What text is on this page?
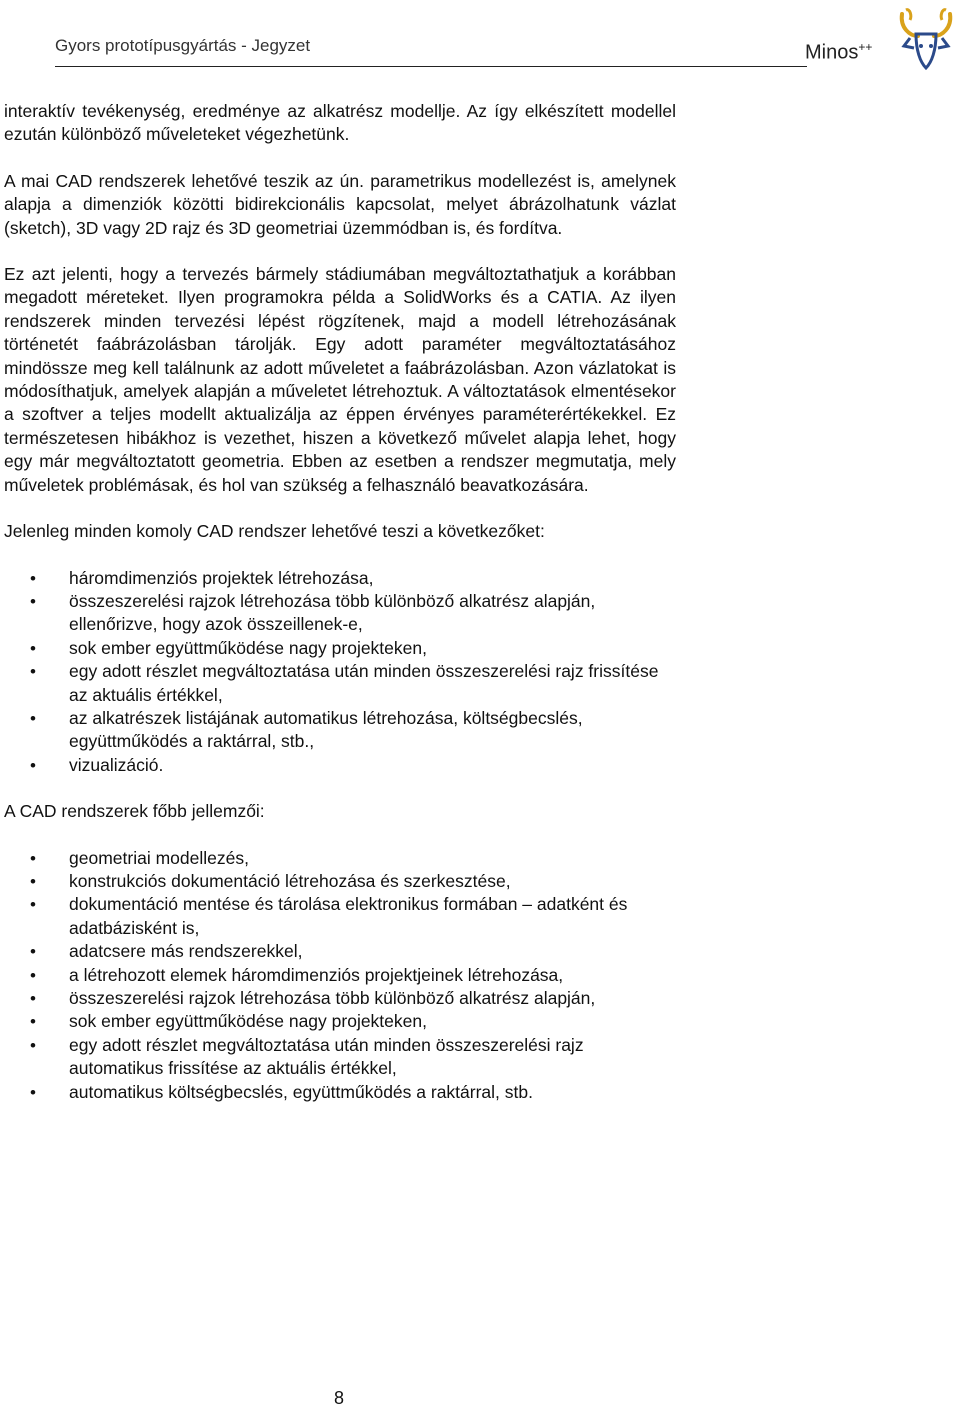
Gyors prototípusgyártás - Jegyzet	Minos++

interaktív tevékenység, eredménye az alkatrész modellje. Az így elkészített modellel ezután különböző műveleteket végezhetünk.

A mai CAD rendszerek lehetővé teszik az ún. parametrikus modellezést is, amelynek alapja a dimenziók közötti bidirekcionális kapcsolat, melyet ábrázolhatunk vázlat (sketch), 3D vagy 2D rajz és 3D geometriai üzemmódban is, és fordítva.

Ez azt jelenti, hogy a tervezés bármely stádiumában megváltoztathatjuk a korábban megadott méreteket. Ilyen programokra példa a SolidWorks és a CATIA. Az ilyen rendszerek minden tervezési lépést rögzítenek, majd a modell létrehozásának történetét faábrázolásban tárolják. Egy adott paraméter megváltoztatásához mindössze meg kell találnunk az adott műveletet a faábrázolásban. Azon vázlatokat is módosíthatjuk, amelyek alapján a műveletet létrehoztuk. A változtatások elmentésekor a szoftver a teljes modellt aktualizálja az éppen érvényes paraméterértékekkel. Ez természetesen hibákhoz is vezethet, hiszen a következő művelet alapja lehet, hogy egy már megváltoztatott geometria. Ebben az esetben a rendszer megmutatja, mely műveletek problémásak, és hol van szükség a felhasználó beavatkozására.

Jelenleg minden komoly CAD rendszer lehetővé teszi a következőket:

• háromdimenziós projektek létrehozása,
• összeszerelési rajzok létrehozása több különböző alkatrész alapján, ellenőrizve, hogy azok összeillenek-e,
• sok ember együttműködése nagy projekteken,
• egy adott részlet megváltoztatása után minden összeszerelési rajz frissítése az aktuális értékkel,
• az alkatrészek listájának automatikus létrehozása, költségbecslés, együttműködés a raktárral, stb.,
• vizualizáció.

A CAD rendszerek főbb jellemzői:

• geometriai modellezés,
• konstrukciós dokumentáció létrehozása és szerkesztése,
• dokumentáció mentése és tárolása elektronikus formában – adatként és adatbázisként is,
• adatcsere más rendszerekkel,
• a létrehozott elemek háromdimenziós projektjeinek létrehozása,
• összeszerelési rajzok létrehozása több különböző alkatrész alapján,
• sok ember együttműködése nagy projekteken,
• egy adott részlet megváltoztatása után minden összeszerelési rajz automatikus frissítése az aktuális értékkel,
• automatikus költségbecslés, együttműködés a raktárral, stb.
8
